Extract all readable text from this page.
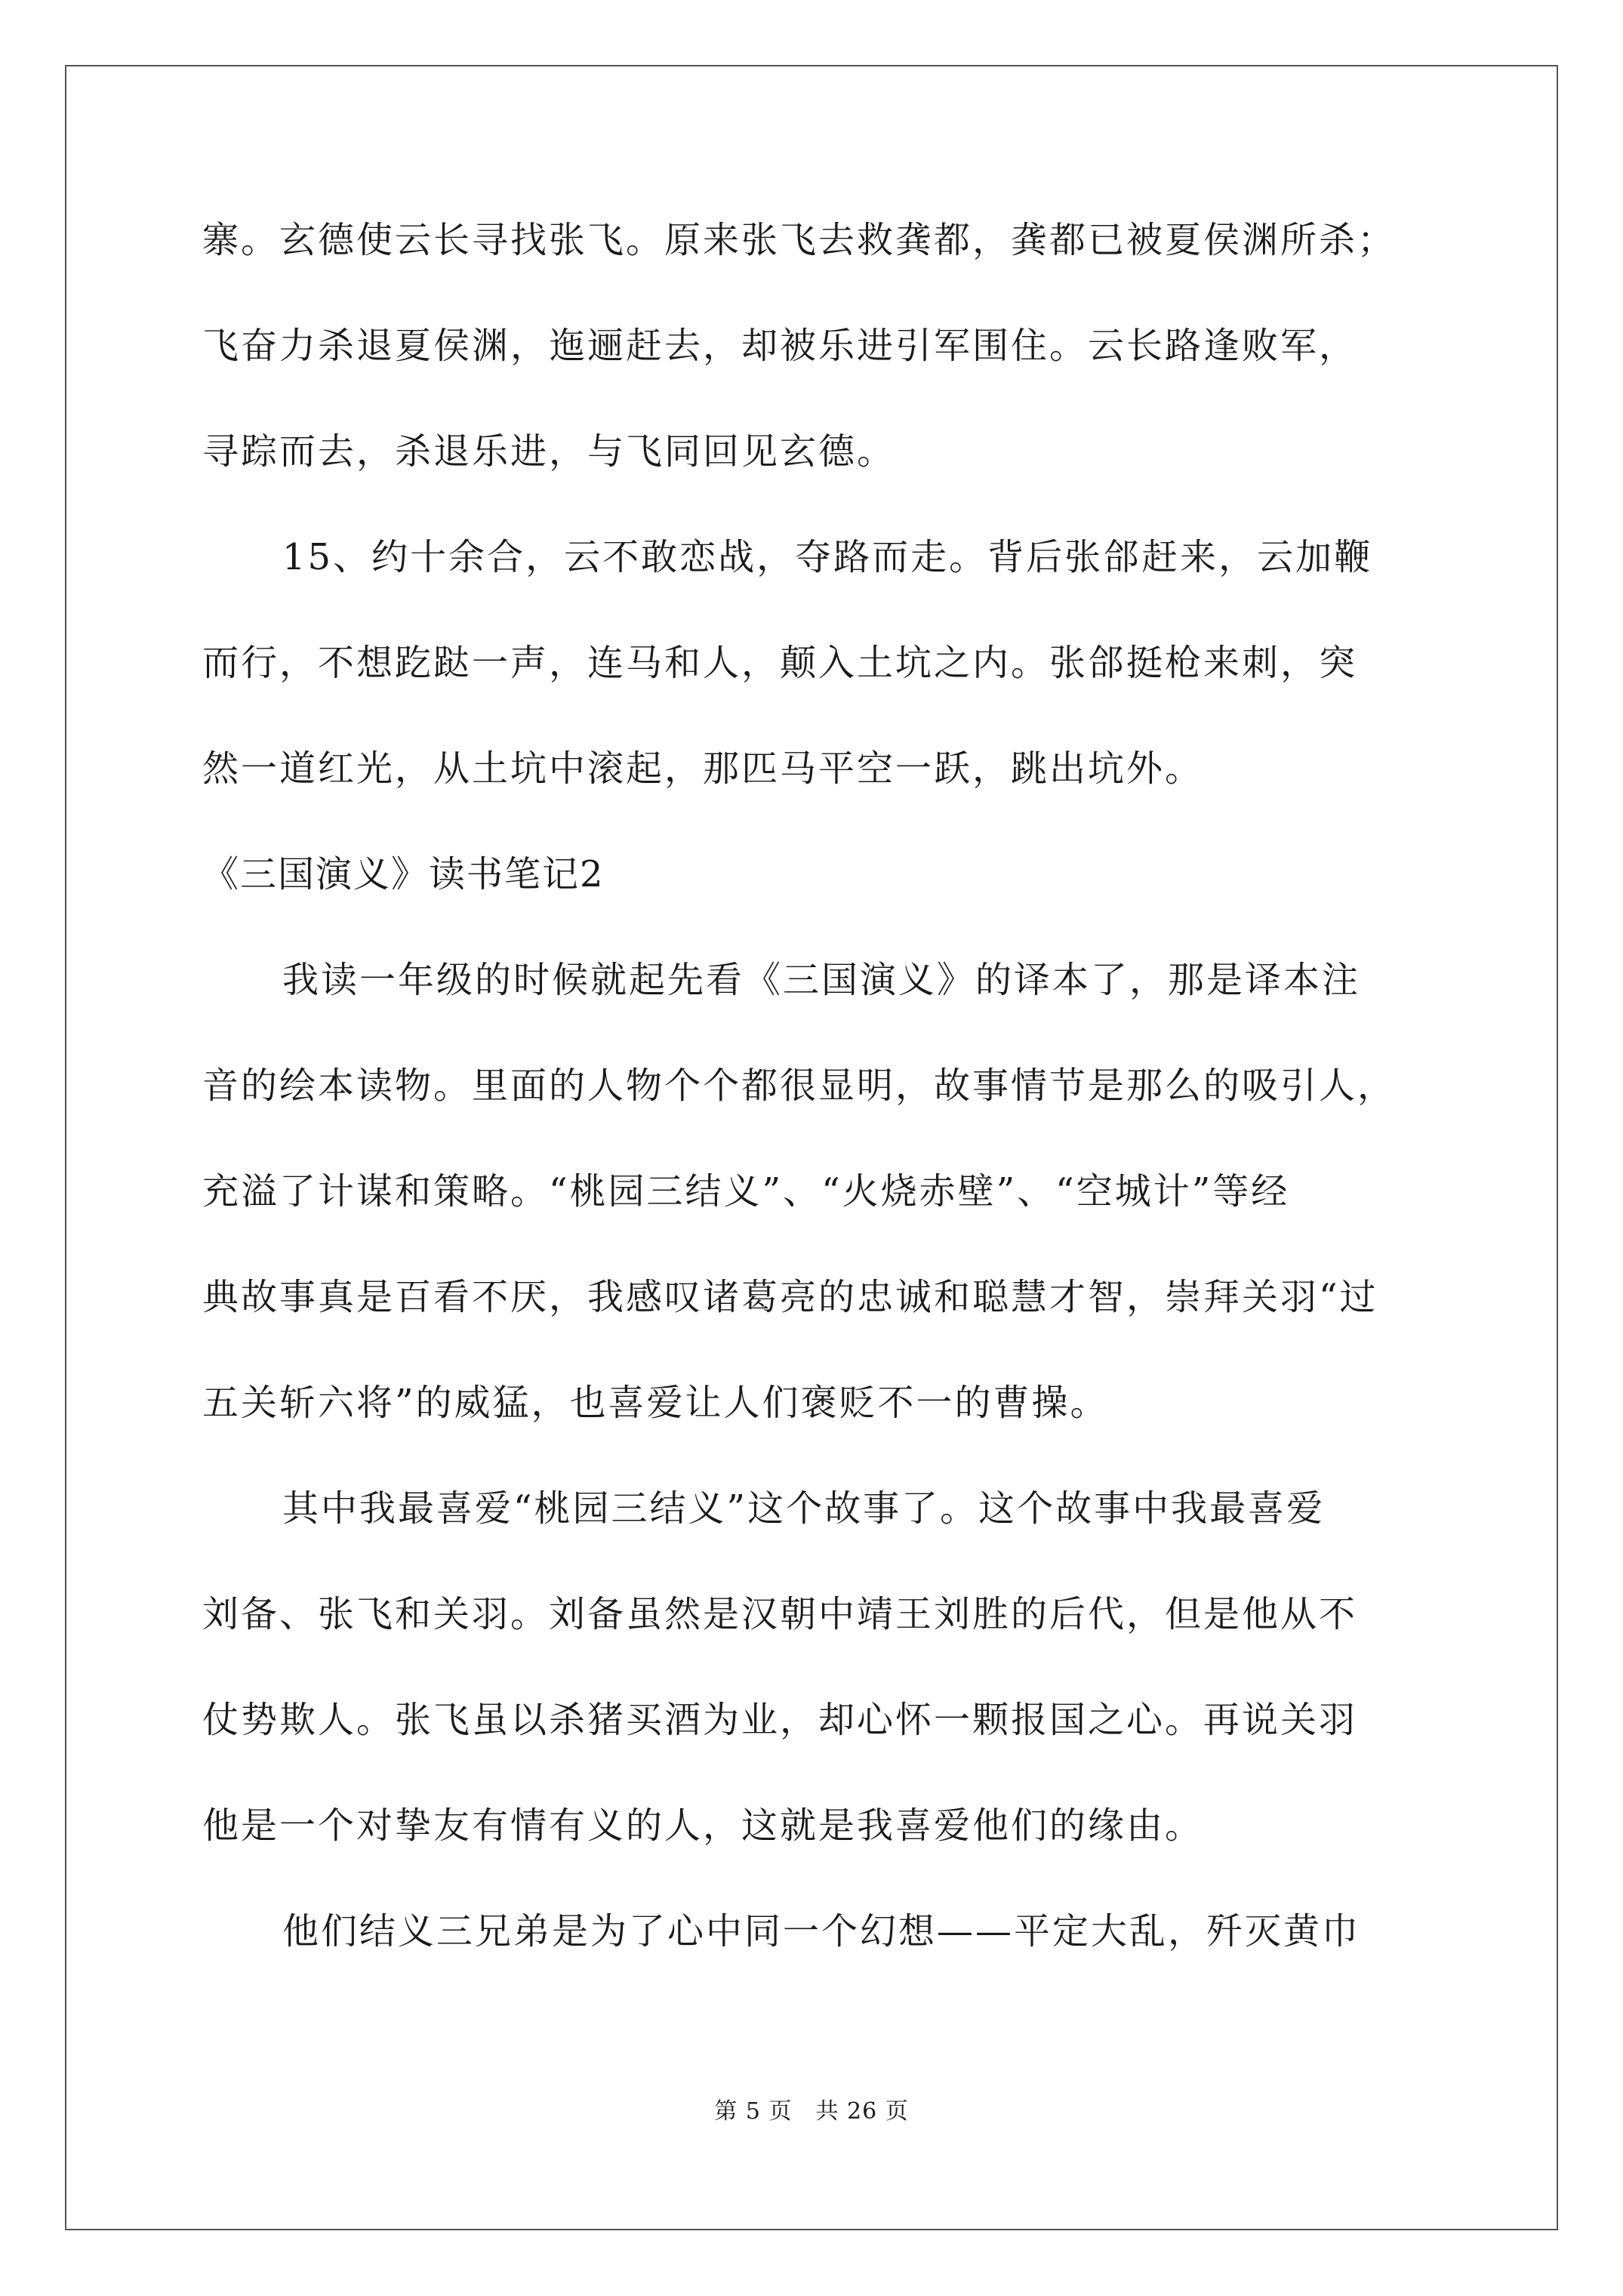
寨。玄德使云长寻找张飞。原来张飞去救龚都，龚都已被夏侯渊所杀；
飞奋力杀退夏侯渊，迤逦赶去，却被乐进引军围住。云长路逢败军，
寻踪而去，杀退乐进，与飞同回见玄德。
15、约十余合，云不敢恋战，夺路而走。背后张郃赶来，云加鞭
而行，不想趷跶一声，连马和人，颠入土坑之内。张郃挺枪来刺，突
然一道红光，从土坑中滚起，那匹马平空一跃，跳出坑外。
《三国演义》读书笔记2
我读一年级的时候就起先看《三国演义》的译本了，那是译本注
音的绘本读物。里面的人物个个都很显明，故事情节是那么的吸引人，
充溢了计谋和策略。“桃园三结义”、“火烧赤壁”、“空城计”等经
典故事真是百看不厌，我感叹诸葛亮的忠诚和聪慧才智，崇拜关羽“过
五关斩六将”的威猛，也喜爱让人们褒贬不一的曹操。
其中我最喜爱“桃园三结义”这个故事了。这个故事中我最喜爱
刘备、张飞和关羽。刘备虽然是汉朝中靖王刘胜的后代，但是他从不
仗势欺人。张飞虽以杀猪买酒为业，却心怀一颗报国之心。再说关羽
他是一个对挚友有情有义的人，这就是我喜爱他们的缘由。
他们结义三兄弟是为了心中同一个幻想——平定大乱，歼灭黄巾
第 5 页　共 26 页
